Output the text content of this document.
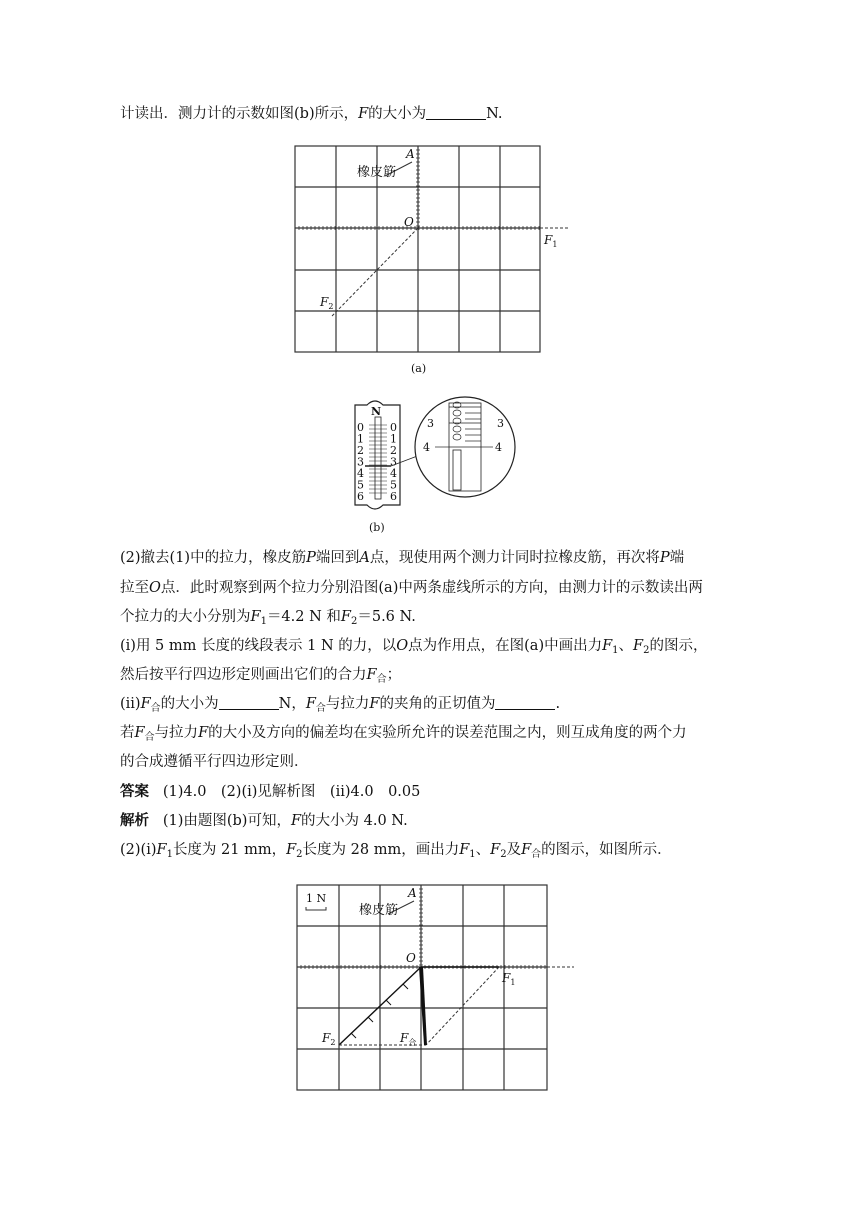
计读出．测力计的示数如图(b)所示，F的大小为	N.
A
橡皮筋
O
$F_1$
$F_2$
(a)
N
0
1
2
3
4
5
6
0
1
2
3
4
5
6
3	3
4	4
(b)
(2)撤去(1)中的拉力，橡皮筋P端回到A点，现使用两个测力计同时拉橡皮筋，再次将P端
拉至O点．此时观察到两个拉力分别沿图(a)中两条虚线所示的方向，由测力计的示数读出两
个拉力的大小分别为$F_1=4.2$ N 和$F_2=5.6$ N.
(ⅰ)用 5 mm 长度的线段表示 1 N 的力，以O点为作用点，在图(a)中画出力$F_1$、$F_2$的图示，
然后按平行四边形定则画出它们的合力$F_合$；
$(ⅱ)F_合$的大小为	N，$F_合$与拉力F的夹角的正切值为	.
若$F_合$与拉力F的大小及方向的偏差均在实验所允许的误差范围之内，则互成角度的两个力
的合成遵循平行四边形定则．
答案 (1)4.0　(2)(ⅰ)见解析图　(ⅱ)4.0　0.05
解析 (1)由题图(b)可知，F的大小为 4.0 N.
$(2)(ⅰ)F_1$长度为 21 mm，$F_2$长度为 28 mm，画出力$F_1$、$F_2$及$F_合$的图示，如图所示．
1 N	A
橡皮筋
O
$F_1$
$F_2$	$F_合$
